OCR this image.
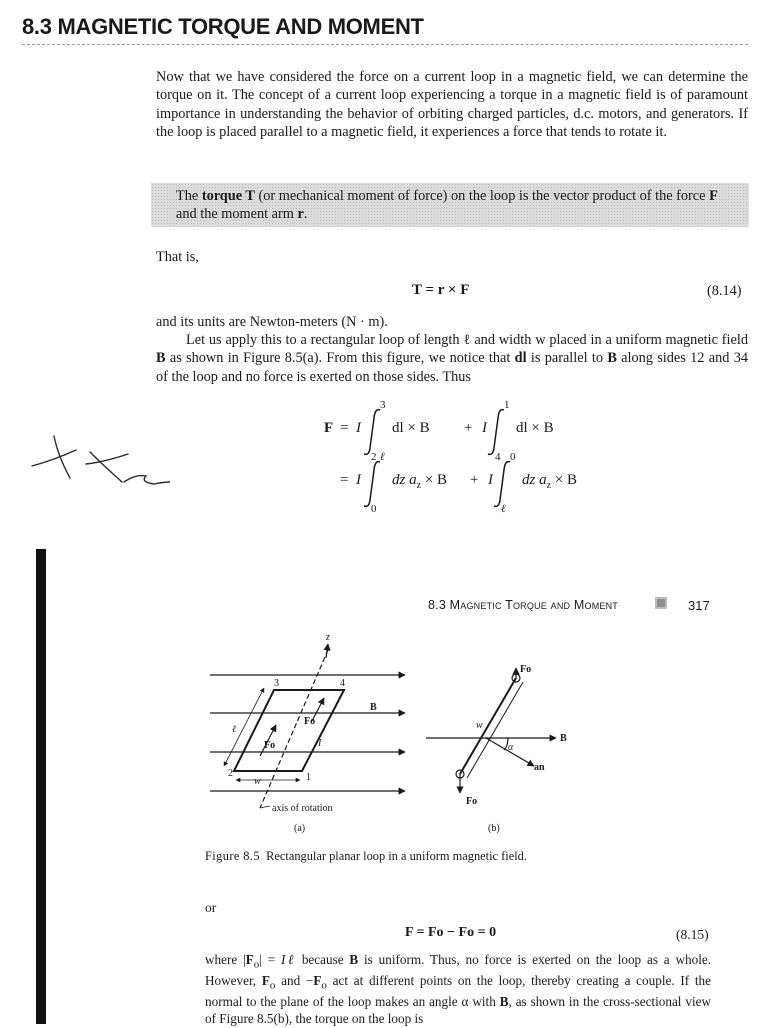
8.3 MAGNETIC TORQUE AND MOMENT

Now that we have considered the force on a current loop in a magnetic field, we can determine the torque on it. The concept of a current loop experiencing a torque in a magnetic field is of paramount importance in understanding the behavior of orbiting charged particles, d.c. motors, and generators. If the loop is placed parallel to a magnetic field, it experiences a force that tends to rotate it.

The torque T (or mechanical moment of force) on the loop is the vector product of the force F and the moment arm r.

That is,
T = r × F	(8.14)

and its units are Newton-meters (N · m).

Let us apply this to a rectangular loop of length ℓ and width w placed in a uniform magnetic field B as shown in Figure 8.5(a). From this figure, we notice that dl is parallel to B along sides 12 and 34 of the loop and no force is exerted on those sides. Thus

F = I
3
2
dl × B + I
1
4
dl × B
= I
ℓ
0
dz $a_z \times B + I$
0
ℓ
dz $a_z \times B$
8.3 Magnetic Torque and Moment	317
z
3	4
2	1
B
ℓ
w
Fo
Fo	I
axis of rotation
(a)
Fo
Fo
w
α
B
an
(b)
Figure 8.5 Rectangular planar loop in a uniform magnetic field.
or
F = Fo − Fo = 0	(8.15)

where $|F_o|$ = Iℓ because B is uniform. Thus, no force is exerted on the loop as a whole. However, $F_o$ and $-F_o$ act at different points on the loop, thereby creating a couple. If the normal to the plane of the loop makes an angle α with B, as shown in the cross-sectional view of Figure 8.5(b), the torque on the loop is
